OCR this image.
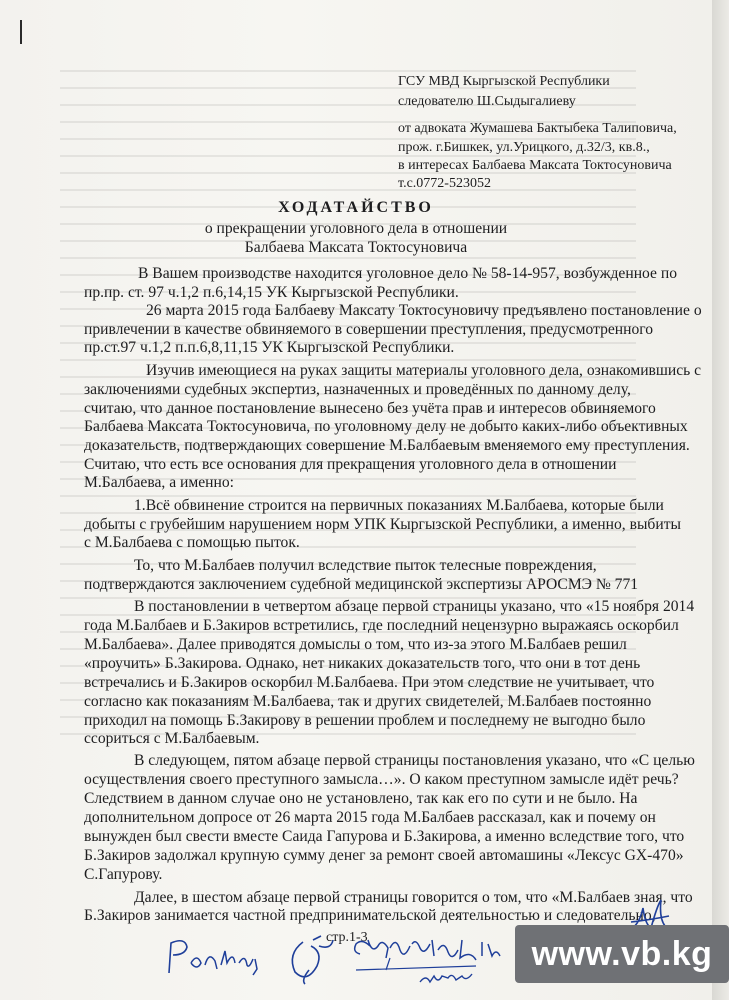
ГСУ МВД Кыргызской Республики
следователю Ш.Сыдыгалиеву
от адвоката Жумашева Бактыбека Талиповича,
прож. г.Бишкек, ул.Урицкого, д.32/3, кв.8.,
в интересах Балбаева Максата Токтосуновича
т.с.0772-523052
ХОДАТАЙСТВО
о прекращении уголовного дела в отношении
Балбаева Максата Токтосуновича
В Вашем производстве находится уголовное дело № 58-14-957, возбужденное по
пр.пр. ст. 97 ч.1,2 п.6,14,15 УК Кыргызской Республики.
26 марта 2015 года Балбаеву Максату Токтосуновичу предъявлено постановление о
привлечении в качестве обвиняемого в совершении преступления, предусмотренного
пр.ст.97 ч.1,2 п.п.6,8,11,15 УК Кыргызской Республики.
Изучив имеющиеся на руках защиты материалы уголовного дела, ознакомившись с
заключениями судебных экспертиз, назначенных и проведённых по данному делу,
считаю, что данное постановление вынесено без учёта прав и интересов обвиняемого
Балбаева Максата Токтосуновича, по уголовному делу не добыто каких-либо объективных
доказательств, подтверждающих совершение М.Балбаевым вменяемого ему преступления.
Считаю, что есть все основания для прекращения уголовного дела в отношении
М.Балбаева, а именно:
1.Всё обвинение строится на первичных показаниях М.Балбаева, которые были
добыты с грубейшим нарушением норм УПК Кыргызской Республики, а именно, выбиты
с М.Балбаева с помощью пыток.
То, что М.Балбаев получил вследствие пыток телесные повреждения,
подтверждаются заключением судебной медицинской экспертизы АРОСМЭ № 771
В постановлении в четвертом абзаце первой страницы указано, что «15 ноября 2014
года М.Балбаев и Б.Закиров встретились, где последний нецензурно выражаясь оскорбил
М.Балбаева». Далее приводятся домыслы о том, что из-за этого М.Балбаев решил
«проучить» Б.Закирова. Однако, нет никаких доказательств того, что они в тот день
встречались и Б.Закиров оскорбил М.Балбаева. При этом следствие не учитывает, что
согласно как показаниям М.Балбаева, так и других свидетелей, М.Балбаев постоянно
приходил на помощь Б.Закирову в решении проблем и последнему не выгодно было
ссориться с М.Балбаевым.
В следующем, пятом абзаце первой страницы постановления указано, что «С целью
осуществления своего преступного замысла…». О каком преступном замысле идёт речь?
Следствием в данном случае оно не установлено, так как его по сути и не было. На
дополнительном допросе от 26 марта 2015 года М.Балбаев рассказал, как и почему он
вынужден был свести вместе Саида Гапурова и Б.Закирова, а именно вследствие того, что
Б.Закиров задолжал крупную сумму денег за ремонт своей автомашины «Лексус GX-470»
С.Гапурову.
Далее, в шестом абзаце первой страницы говорится о том, что «М.Балбаев зная, что
Б.Закиров занимается частной предпринимательской деятельностью и следовательно,
стр.1-3	www.vb.kg
